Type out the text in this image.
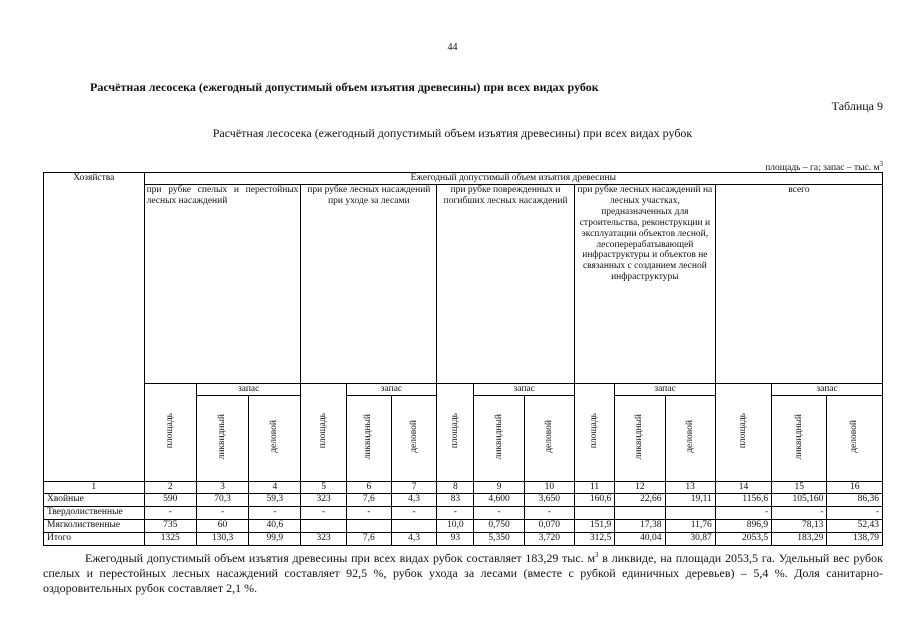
44
Расчётная лесосека (ежегодный допустимый объем изъятия древесины) при всех видах рубок
Таблица 9
Расчётная лесосека (ежегодный допустимый объем изъятия древесины) при всех видах рубок
площадь – га; запас – тыс. $м^3$
Хозяйства	Ежегодный допустимый объем изъятия древесины														
	при рубке спелых и перестойных лесных насаждений			при рубке лесных насаждений при уходе за лесами			при рубке поврежденных и погибших лесных насаждений			при рубке лесных насаждений на лесных участках, предназначенных для строительства, реконструкции и эксплуатации объектов лесной, лесоперерабатывающей инфраструктуры и объектов не связанных с созданием лесной инфраструктуры			всего		
	площадь	запас		площадь	запас		площадь	запас		площадь	запас		площадь	запас	
		ликвидный	деловой		ликвидный	деловой		ликвидный	деловой		ликвидный	деловой		ликвидный	деловой
1	2	3	4	5	6	7	8	9	10	11	12	13	14	15	16
Хвойные	590	70,3	59,3	323	7,6	4,3	83	4,600	3,650	160,6	22,66	19,11	1156,6	105,160	86,36
Твердолиственные	-	-	-	-	-	-	-	-	-				-	-	-
Мягколиственные	735	60	40,6				10,0	0,750	0,070	151,9	17,38	11,76	896,9	78,13	52,43
Итого	1325	130,3	99,9	323	7,6	4,3	93	5,350	3,720	312,5	40,04	30,87	2053,5	183,29	138,79
Ежегодный допустимый объем изъятия древесины при всех видах рубок составляет 183,29 тыс. $м^3$ в ликвиде, на площади 2053,5 га. Удельный вес рубок спелых и перестойных лесных насаждений составляет 92,5 %, рубок ухода за лесами (вместе с рубкой единичных деревьев) – 5,4 %. Доля санитарно-оздоровительных рубок составляет 2,1 %.
